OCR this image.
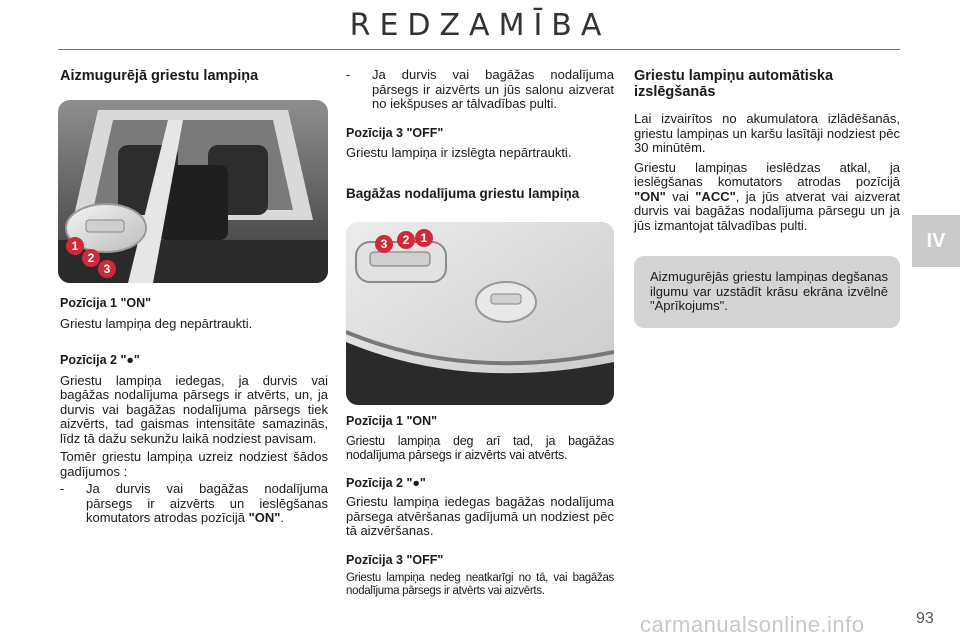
REDZAMĪBA
IV
Aizmugurējā griestu lampiņa
1
2
3
Pozīcija 1 "ON"

Griestu lampiņa deg nepārtraukti.

Pozīcija 2 "●"

Griestu lampiņa iedegas, ja durvis vai bagāžas nodalījuma pārsegs ir atvērts, un, ja durvis vai bagāžas nodalījuma pārsegs tiek aizvērts, tad gaismas intensitāte samazinās, līdz tā dažu sekunžu laikā nodziest pavisam.

Tomēr griestu lampiņa uzreiz nodziest šādos gadījumos :

-	Ja durvis vai bagāžas nodalījuma pārsegs ir aizvērts un ieslēgšanas komutators atrodas pozīcijā "ON".
-	Ja durvis vai bagāžas nodalījuma pārsegs ir aizvērts un jūs salonu aizverat no iekšpuses ar tālvadības pulti.
Pozīcija 3 "OFF"

Griestu lampiņa ir izslēgta nepārtraukti.

Bagāžas nodalījuma griestu lampiņa
3	2 1
Pozīcija 1 "ON"

Griestu lampiņa deg arī tad, ja bagāžas nodalījuma pārsegs ir aizvērts vai atvērts.

Pozīcija 2 "●"

Griestu lampiņa iedegas bagāžas nodalījuma pārsega atvēršanas gadījumā un nodziest pēc tā aizvēršanas.

Pozīcija 3 "OFF"

Griestu lampiņa nedeg neatkarīgi no tā, vai bagāžas nodalījuma pārsegs ir atvērts vai aizvērts.

Griestu lampiņu automātiska izslēgšanās

Lai izvairītos no akumulatora izlādēšanās, griestu lampiņas un karšu lasītāji nodziest pēc 30 minūtēm.

Griestu lampiņas ieslēdzas atkal, ja ieslēgšanas komutators atrodas pozīcijā "ON" vai "ACC", ja jūs atverat vai aizverat durvis vai bagāžas nodalījuma pārsegu un ja jūs izmantojat tālvadības pulti.

Aizmugurējās griestu lampiņas degšanas ilgumu var uzstādīt krāsu ekrāna izvēlnē "Aprīkojums".

carmanualsonline.info	93
